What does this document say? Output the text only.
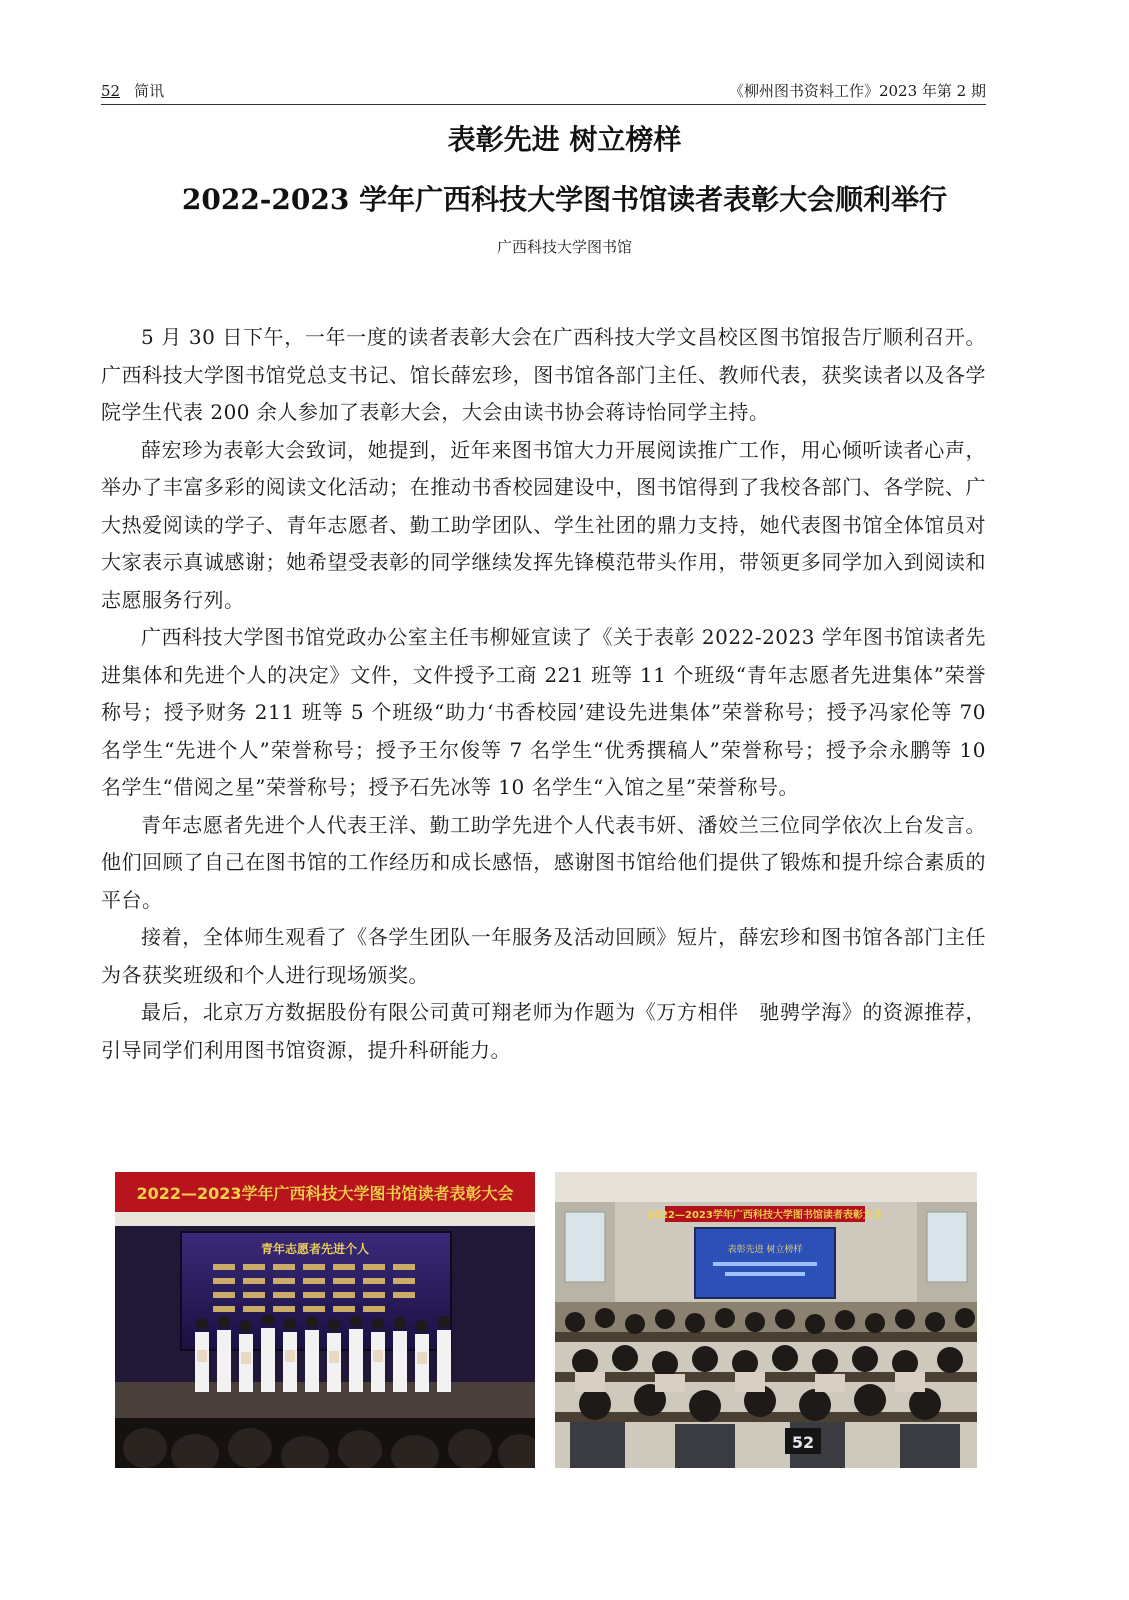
52 简讯	《柳州图书资料工作》2023 年第 2 期
表彰先进 树立榜样
2022-2023 学年广西科技大学图书馆读者表彰大会顺利举行
广西科技大学图书馆

5 月 30 日下午，一年一度的读者表彰大会在广西科技大学文昌校区图书馆报告厅顺利召开。广西科技大学图书馆党总支书记、馆长薛宏珍，图书馆各部门主任、教师代表，获奖读者以及各学院学生代表 200 余人参加了表彰大会，大会由读书协会蒋诗怡同学主持。

薛宏珍为表彰大会致词，她提到，近年来图书馆大力开展阅读推广工作，用心倾听读者心声，举办了丰富多彩的阅读文化活动；在推动书香校园建设中，图书馆得到了我校各部门、各学院、广大热爱阅读的学子、青年志愿者、勤工助学团队、学生社团的鼎力支持，她代表图书馆全体馆员对大家表示真诚感谢；她希望受表彰的同学继续发挥先锋模范带头作用，带领更多同学加入到阅读和志愿服务行列。

广西科技大学图书馆党政办公室主任韦柳娅宣读了《关于表彰 2022-2023 学年图书馆读者先进集体和先进个人的决定》文件，文件授予工商 221 班等 11 个班级“青年志愿者先进集体”荣誉称号；授予财务 211 班等 5 个班级“助力‘书香校园’建设先进集体”荣誉称号；授予冯家伦等 70 名学生“先进个人”荣誉称号；授予王尔俊等 7 名学生“优秀撰稿人”荣誉称号；授予佘永鹏等 10 名学生“借阅之星”荣誉称号；授予石先冰等 10 名学生“入馆之星”荣誉称号。

青年志愿者先进个人代表王洋、勤工助学先进个人代表韦妍、潘姣兰三位同学依次上台发言。他们回顾了自己在图书馆的工作经历和成长感悟，感谢图书馆给他们提供了锻炼和提升综合素质的平台。

接着，全体师生观看了《各学生团队一年服务及活动回顾》短片，薛宏珍和图书馆各部门主任为各获奖班级和个人进行现场颁奖。

最后，北京万方数据股份有限公司黄可翔老师为作题为《万方相伴　驰骋学海》的资源推荐，引导同学们利用图书馆资源，提升科研能力。

2022—2023学年广西科技大学图书馆读者表彰大会
青年志愿者先进个人
2022—2023学年广西科技大学图书馆读者表彰大会
表彰先进 树立榜样
52
